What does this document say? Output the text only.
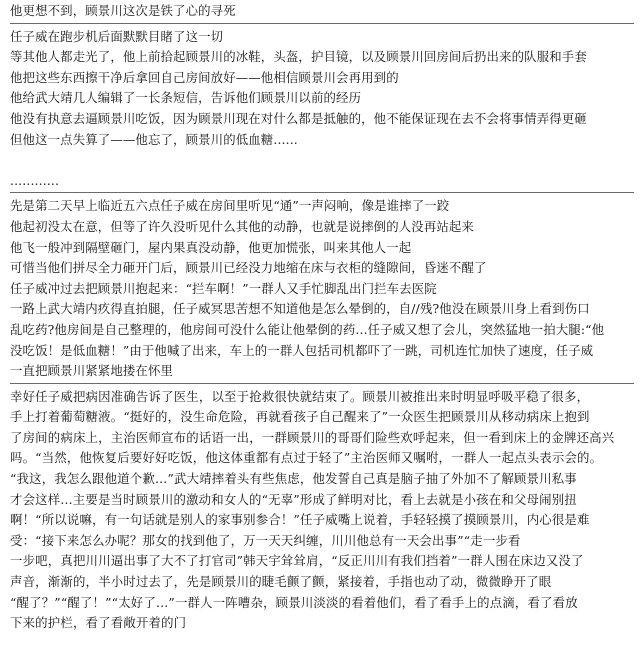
他更想不到，顾景川这次是铁了心的寻死
任子威在跑步机后面默默目睹了这一切
等其他人都走光了，他上前拾起顾景川的冰鞋，头盔，护目镜，以及顾景川回房间后扔出来的队服和手套
他把这些东西擦干净后拿回自己房间放好——他相信顾景川会再用到的
他给武大靖几人编辑了一长条短信，告诉他们顾景川以前的经历
他没有执意去逼顾景川吃饭，因为顾景川现在对什么都是抵触的，他不能保证现在去不会将事情弄得更砸
但他这一点失算了——他忘了，顾景川的低血糖......
............
先是第二天早上临近五六点任子威在房间里听见“通”一声闷响，像是谁摔了一跤
他起初没太在意，但等了许久没听见什么其他的动静，也就是说摔倒的人没再站起来
他飞一般冲到隔壁砸门，屋内果真没动静，他更加慌张，叫来其他人一起
可惜当他们拼尽全力砸开门后，顾景川已经没力地缩在床与衣柜的缝隙间，昏迷不醒了
任子威冲过去把顾景川抱起来：“拦车啊！”一群人又手忙脚乱出门拦车去医院
一路上武大靖内疚得直拍腿，任子威冥思苦想不知道他是怎么晕倒的，自//残?他没在顾景川身上看到伤口
乱吃药?他房间是自己整理的，他房间可没什么能让他晕倒的药...任子威又想了会儿，突然猛地一拍大腿:“他
没吃饭！是低血糖！”由于他喊了出来，车上的一群人包括司机都吓了一跳，司机连忙加快了速度，任子威
一直把顾景川紧紧地搂在怀里
幸好任子威把病因准确告诉了医生，以至于抢救很快就结束了。顾景川被推出来时明显呼吸平稳了很多，
手上打着葡萄糖液。“挺好的，没生命危险，再就看孩子自己醒来了”一众医生把顾景川从移动病床上抱到
了房间的病床上，主治医师宣布的话语一出，一群顾景川的哥哥们险些欢呼起来，但一看到床上的金牌还高兴
吗。“当然，他恢复后要好好吃饭，他这体重都有点过于轻了”主治医师又嘱咐，一群人一起点头表示会的。
“我这，我怎么跟他道个歉...”武大靖摔着头有些焦虑，他发誓自己真是脑子抽了外加不了解顾景川私事
才会这样...主要是当时顾景川的激动和女人的“无辜”形成了鲜明对比，看上去就是小孩在和父母闹别扭
啊！“所以说嘛，有一句话就是别人的家事别参合！”任子威嘴上说着，手轻轻摸了摸顾景川，内心很是难
受：“接下来怎么办呢？那女的找到他了，万一天天纠缠，川川他总有一天会出事”“走一步看
一步吧，真把川川逼出事了大不了打官司”韩天宇耸耸肩，“反正川川有我们挡着”一群人围在床边又没了
声音，渐渐的，半小时过去了，先是顾景川的睫毛颤了颤，紧接着，手指也动了动，微微睁开了眼
“醒了？”“醒了！”“太好了...”一群人一阵嘈杂，顾景川淡淡的看着他们，看了看手上的点滴，看了看放
下来的护栏，看了看敞开着的门
